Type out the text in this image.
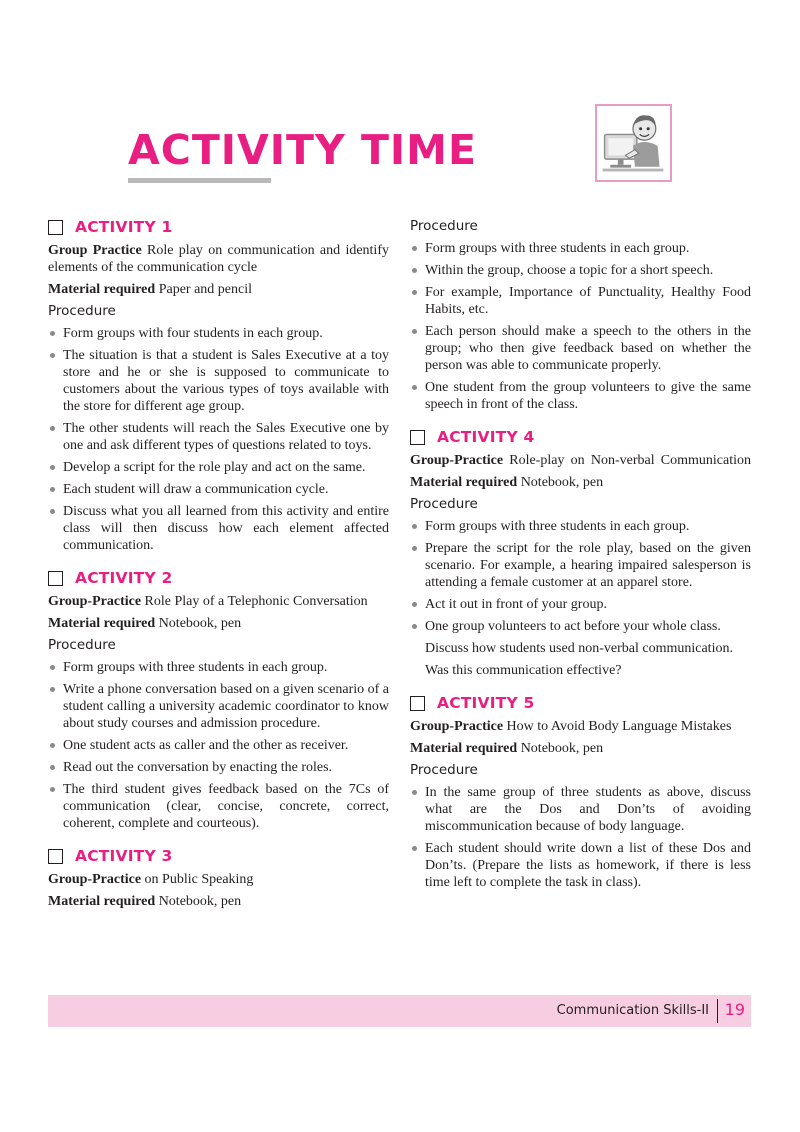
ACTIVITY TIME
ACTIVITY 1

Group Practice Role play on communication and identify elements of the communication cycle

Material required Paper and pencil

Procedure
Form groups with four students in each group.
The situation is that a student is Sales Executive at a toy store and he or she is supposed to communicate to customers about the various types of toys available with the store for different age group.
The other students will reach the Sales Executive one by one and ask different types of questions related to toys.
Develop a script for the role play and act on the same.
Each student will draw a communication cycle.
Discuss what you all learned from this activity and entire class will then discuss how each element affected communication.
ACTIVITY 2

Group-Practice Role Play of a Telephonic Conversation

Material required Notebook, pen

Procedure
Form groups with three students in each group.
Write a phone conversation based on a given scenario of a student calling a university academic coordinator to know about study courses and admission procedure.
One student acts as caller and the other as receiver.
Read out the conversation by enacting the roles.
The third student gives feedback based on the 7Cs of communication (clear, concise, concrete, correct, coherent, complete and courteous).
ACTIVITY 3

Group-Practice on Public Speaking

Material required Notebook, pen

Procedure
Form groups with three students in each group.
Within the group, choose a topic for a short speech.
For example, Importance of Punctuality, Healthy Food Habits, etc.
Each person should make a speech to the others in the group; who then give feedback based on whether the person was able to communicate properly.
One student from the group volunteers to give the same speech in front of the class.
ACTIVITY 4

Group-Practice Role-play on Non-verbal Communication

Material required Notebook, pen

Procedure
Form groups with three students in each group.
Prepare the script for the role play, based on the given scenario. For example, a hearing impaired salesperson is attending a female customer at an apparel store.
Act it out in front of your group.
One group volunteers to act before your whole class.

Discuss how students used non-verbal communication.

Was this communication effective?

ACTIVITY 5

Group-Practice How to Avoid Body Language Mistakes

Material required Notebook, pen

Procedure
In the same group of three students as above, discuss what are the Dos and Don’ts of avoiding miscommunication because of body language.
Each student should write down a list of these Dos and Don’ts. (Prepare the lists as homework, if there is less time left to complete the task in class).
Communication Skills-II 19
